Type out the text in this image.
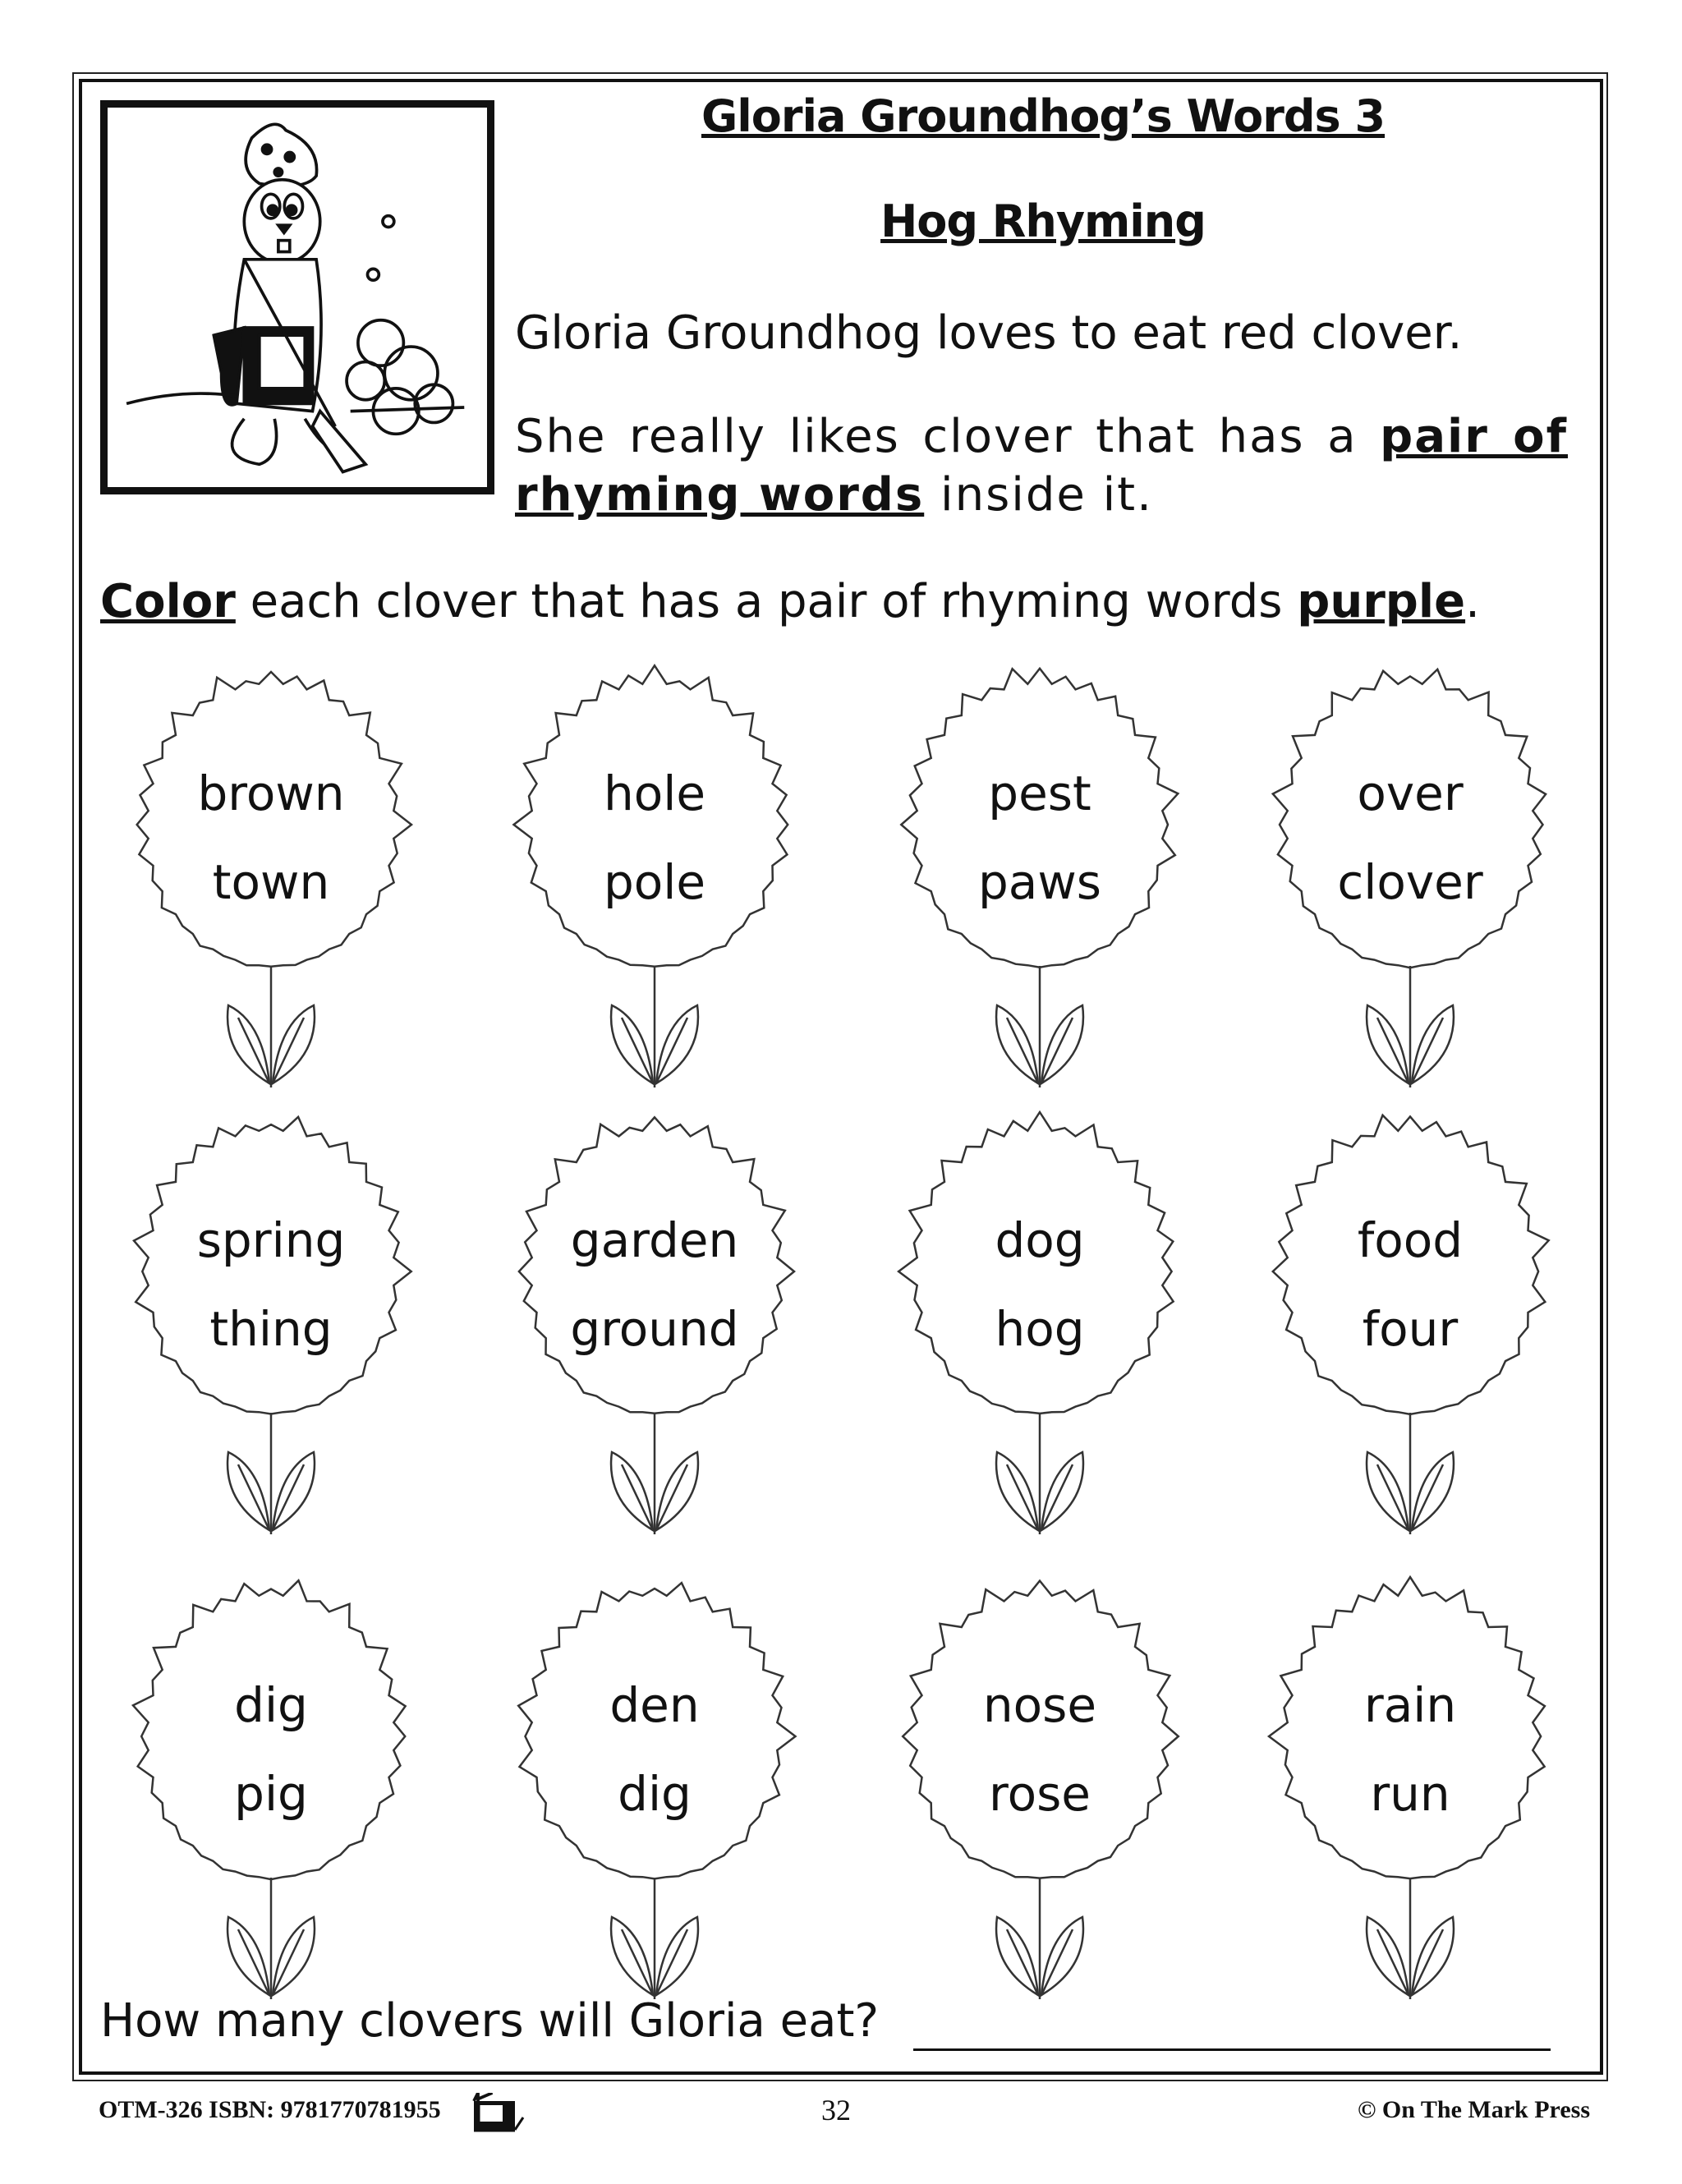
Gloria Groundhog’s Words 3
Hog Rhyming
Gloria Groundhog loves to eat red clover.
She really likes clover that has a pair of rhyming words inside it.
Color each clover that has a pair of rhyming words purple.
brown
town
hole
pole
pest
paws
over
clover
spring
thing
garden
ground
dog
hog
food
four
dig
pig
den
dig
nose
rose
rain
run
How many clovers will Gloria eat?
OTM-326 ISBN: 9781770781955	32	© On The Mark Press
